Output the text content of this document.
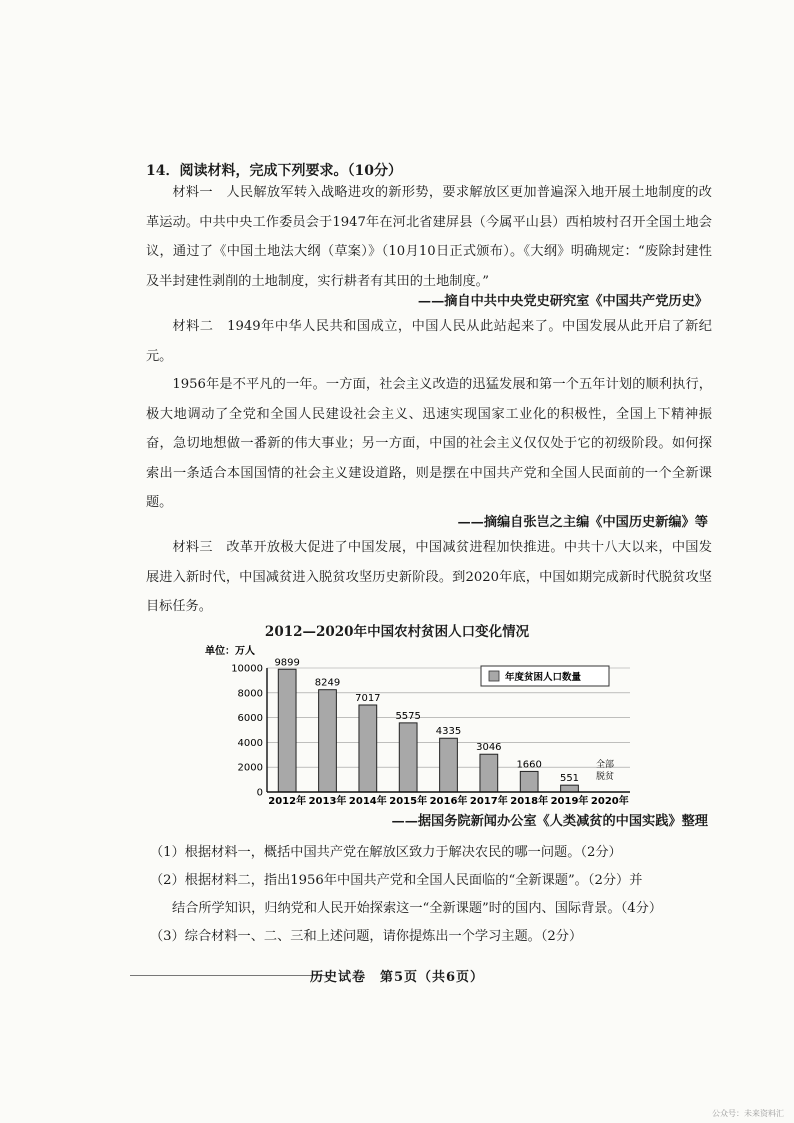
14．阅读材料，完成下列要求。（10分）
材料一　人民解放军转入战略进攻的新形势，要求解放区更加普遍深入地开展土地制度的改革运动。中共中央工作委员会于1947年在河北省建屏县（今属平山县）西柏坡村召开全国土地会议，通过了《中国土地法大纲（草案）》（10月10日正式颁布）。《大纲》明确规定：“废除封建性及半封建性剥削的土地制度，实行耕者有其田的土地制度。”
——摘自中共中央党史研究室《中国共产党历史》
材料二　1949年中华人民共和国成立，中国人民从此站起来了。中国发展从此开启了新纪元。
1956年是不平凡的一年。一方面，社会主义改造的迅猛发展和第一个五年计划的顺利执行，极大地调动了全党和全国人民建设社会主义、迅速实现国家工业化的积极性，全国上下精神振奋，急切地想做一番新的伟大事业；另一方面，中国的社会主义仅仅处于它的初级阶段。如何探索出一条适合本国国情的社会主义建设道路，则是摆在中国共产党和全国人民面前的一个全新课题。
——摘编自张岂之主编《中国历史新编》等
材料三　改革开放极大促进了中国发展，中国减贫进程加快推进。中共十八大以来，中国发展进入新时代，中国减贫进入脱贫攻坚历史新阶段。到2020年底，中国如期完成新时代脱贫攻坚目标任务。
2012—2020年中国农村贫困人口变化情况
单位：万人
0
2000
4000
6000
8000
10000
9899
8249
7017
5575
4335
3046
1660
551
2012年 2013年 2014年 2015年 2016年 2017年 2018年 2019年 2020年
年度贫困人口数量
全部
脱贫
——据国务院新闻办公室《人类减贫的中国实践》整理
（1）根据材料一，概括中国共产党在解放区致力于解决农民的哪一问题。（2分）
（2）根据材料二，指出1956年中国共产党和全国人民面临的“全新课题”。（2分）并
结合所学知识，归纳党和人民开始探索这一“全新课题”时的国内、国际背景。（4分）
（3）综合材料一、二、三和上述问题，请你提炼出一个学习主题。（2分）
历史试卷　第5页（共6页）
公众号：未来资料汇
